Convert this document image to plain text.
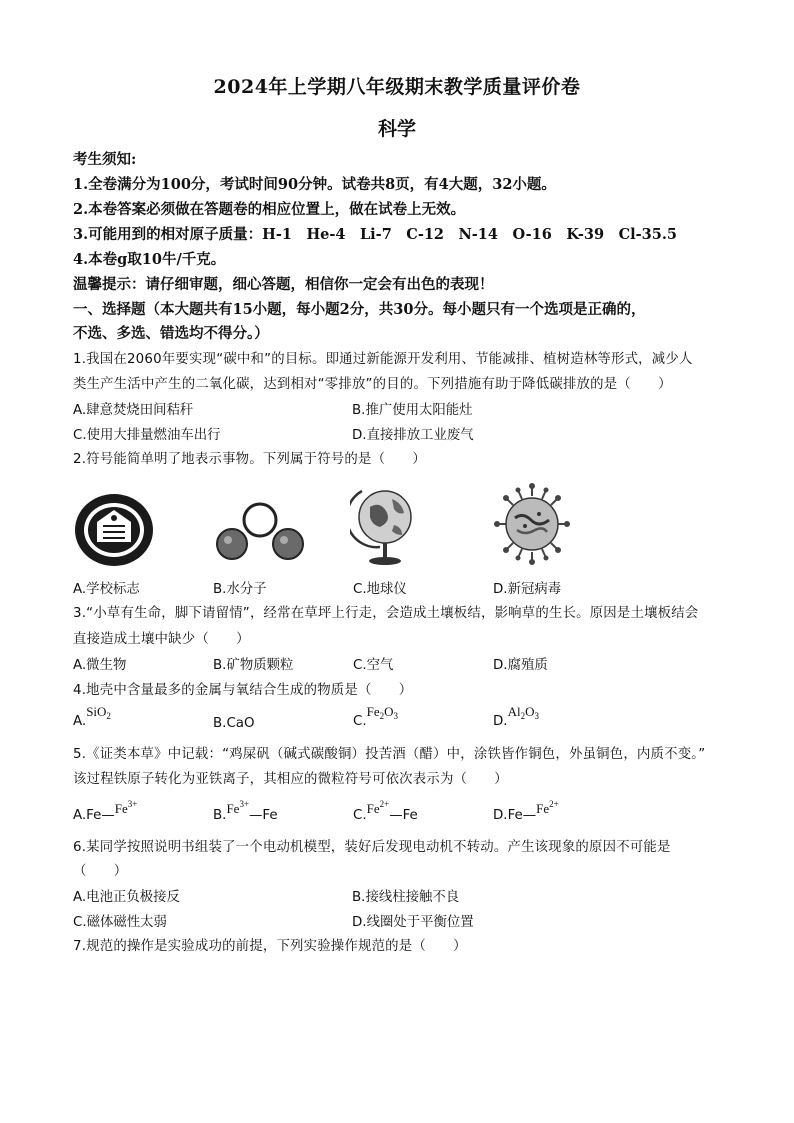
2024年上学期八年级期末教学质量评价卷
科学
考生须知:
1.全卷满分为100分，考试时间90分钟。试卷共8页，有4大题，32小题。
2.本卷答案必须做在答题卷的相应位置上，做在试卷上无效。
3.可能用到的相对原子质量：H-1　He-4　Li-7　C-12　N-14　O-16　K-39　Cl-35.5
4.本卷g取10牛/千克。
温馨提示：请仔细审题，细心答题，相信你一定会有出色的表现！
一、选择题（本大题共有15小题，每小题2分，共30分。每小题只有一个选项是正确的，
不选、多选、错选均不得分。）
1.我国在2060年要实现“碳中和”的目标。即通过新能源开发利用、节能减排、植树造林等形式，减少人
类生产生活中产生的二氧化碳，达到相对“零排放”的目的。下列措施有助于降低碳排放的是（　　）
A.肆意焚烧田间秸秆	B.推广使用太阳能灶
C.使用大排量燃油车出行	D.直接排放工业废气
2.符号能简单明了地表示事物。下列属于符号的是（　　）
A.学校标志	B.水分子	C.地球仪	D.新冠病毒
3.“小草有生命，脚下请留情”，经常在草坪上行走，会造成土壤板结，影响草的生长。原因是土壤板结会
直接造成土壤中缺少（　　）
A.微生物	B.矿物质颗粒	C.空气	D.腐殖质
4.地壳中含量最多的金属与氧结合生成的物质是（　　）
A.SiO$_2$	B.CaO	$C.Fe_2O_3$	$D.Al_2O_3$
5.《证类本草》中记载：“鸡屎矾（碱式碳酸铜）投苦酒（醋）中，涂铁皆作铜色，外虽铜色，内质不变。”
该过程铁原子转化为亚铁离子，其相应的微粒符号可依次表示为（　　）
$A.Fe—Fe^{3+}$
$B.Fe^{3+}—Fe$	$C.Fe^{2+}—Fe$	$D.Fe—Fe^{2+}$
6.某同学按照说明书组装了一个电动机模型，装好后发现电动机不转动。产生该现象的原因不可能是
（　　）
A.电池正负极接反	B.接线柱接触不良
C.磁体磁性太弱	D.线圈处于平衡位置
7.规范的操作是实验成功的前提，下列实验操作规范的是（　　）
